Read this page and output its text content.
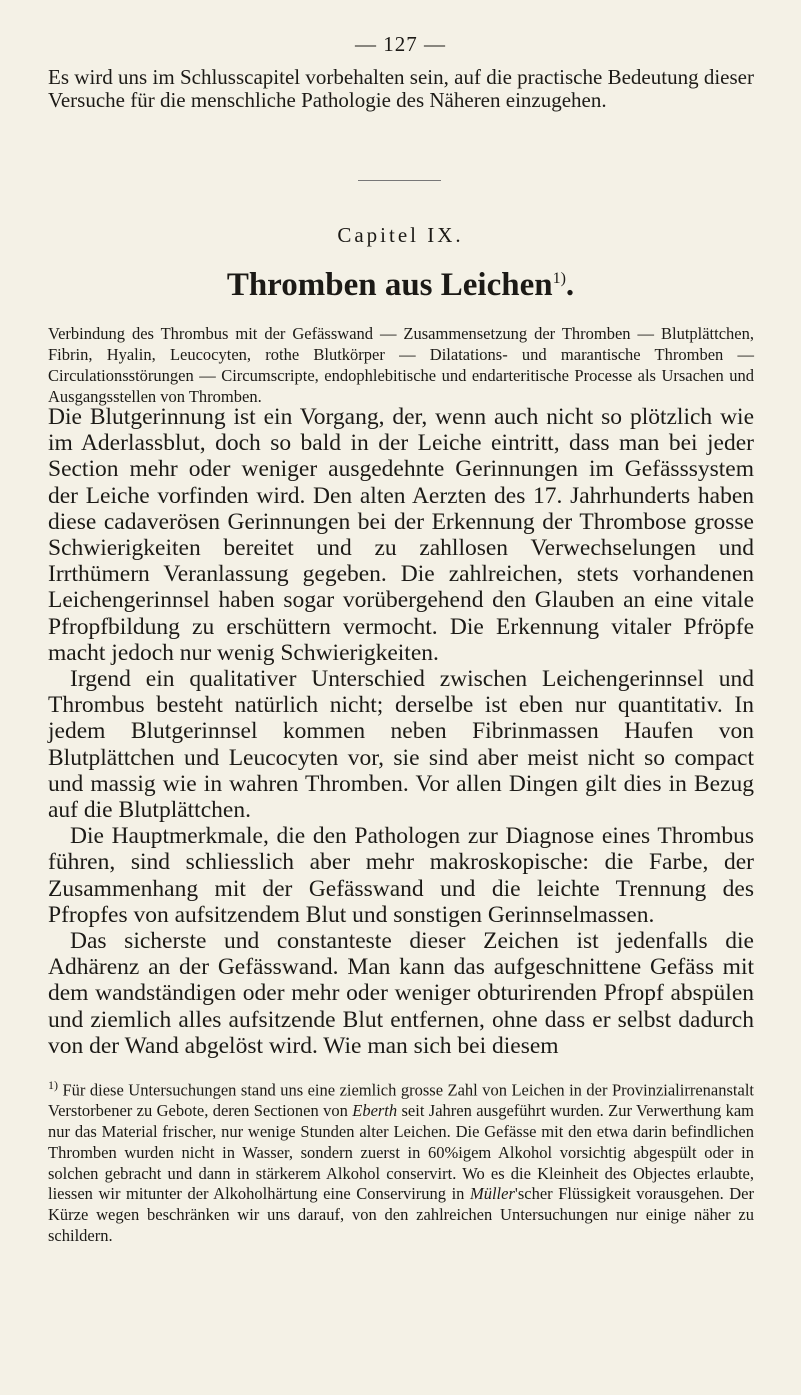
— 127 —
Es wird uns im Schlusscapitel vorbehalten sein, auf die practische Bedeutung dieser Versuche für die menschliche Pathologie des Näheren einzugehen.
Capitel IX.
Thromben aus Leichen$^{1)}$.
Verbindung des Thrombus mit der Gefässwand — Zusammensetzung der Thromben — Blutplättchen, Fibrin, Hyalin, Leucocyten, rothe Blutkörper — Dilatations- und marantische Thromben — Circulationsstörungen — Circumscripte, endophlebitische und endarteritische Processe als Ursachen und Ausgangsstellen von Thromben.

Die Blutgerinnung ist ein Vorgang, der, wenn auch nicht so plötzlich wie im Aderlassblut, doch so bald in der Leiche eintritt, dass man bei jeder Section mehr oder weniger ausgedehnte Gerinnungen im Gefässsystem der Leiche vorfinden wird. Den alten Aerzten des 17. Jahrhunderts haben diese cadaverösen Gerinnungen bei der Erkennung der Thrombose grosse Schwierigkeiten bereitet und zu zahllosen Verwechselungen und Irrthümern Veranlassung gegeben. Die zahlreichen, stets vorhandenen Leichengerinnsel haben sogar vorübergehend den Glauben an eine vitale Pfropfbildung zu erschüttern vermocht. Die Erkennung vitaler Pfröpfe macht jedoch nur wenig Schwierigkeiten.

Irgend ein qualitativer Unterschied zwischen Leichengerinnsel und Thrombus besteht natürlich nicht; derselbe ist eben nur quantitativ. In jedem Blutgerinnsel kommen neben Fibrinmassen Haufen von Blutplättchen und Leucocyten vor, sie sind aber meist nicht so compact und massig wie in wahren Thromben. Vor allen Dingen gilt dies in Bezug auf die Blutplättchen.

Die Hauptmerkmale, die den Pathologen zur Diagnose eines Thrombus führen, sind schliesslich aber mehr makroskopische: die Farbe, der Zusammenhang mit der Gefässwand und die leichte Trennung des Pfropfes von aufsitzendem Blut und sonstigen Gerinnselmassen.

Das sicherste und constanteste dieser Zeichen ist jedenfalls die Adhärenz an der Gefässwand. Man kann das aufgeschnittene Gefäss mit dem wandständigen oder mehr oder weniger obturirenden Pfropf abspülen und ziemlich alles aufsitzende Blut entfernen, ohne dass er selbst dadurch von der Wand abgelöst wird. Wie man sich bei diesem

$^{1)}$ Für diese Untersuchungen stand uns eine ziemlich grosse Zahl von Leichen in der Provinzialirrenanstalt Verstorbener zu Gebote, deren Sectionen von Eberth seit Jahren ausgeführt wurden. Zur Verwerthung kam nur das Material frischer, nur wenige Stunden alter Leichen. Die Gefässe mit den etwa darin befindlichen Thromben wurden nicht in Wasser, sondern zuerst in 60%igem Alkohol vorsichtig abgespült oder in solchen gebracht und dann in stärkerem Alkohol conservirt. Wo es die Kleinheit des Objectes erlaubte, liessen wir mitunter der Alkoholhärtung eine Conservirung in Müller'scher Flüssigkeit vorausgehen. Der Kürze wegen beschränken wir uns darauf, von den zahlreichen Untersuchungen nur einige näher zu schildern.
